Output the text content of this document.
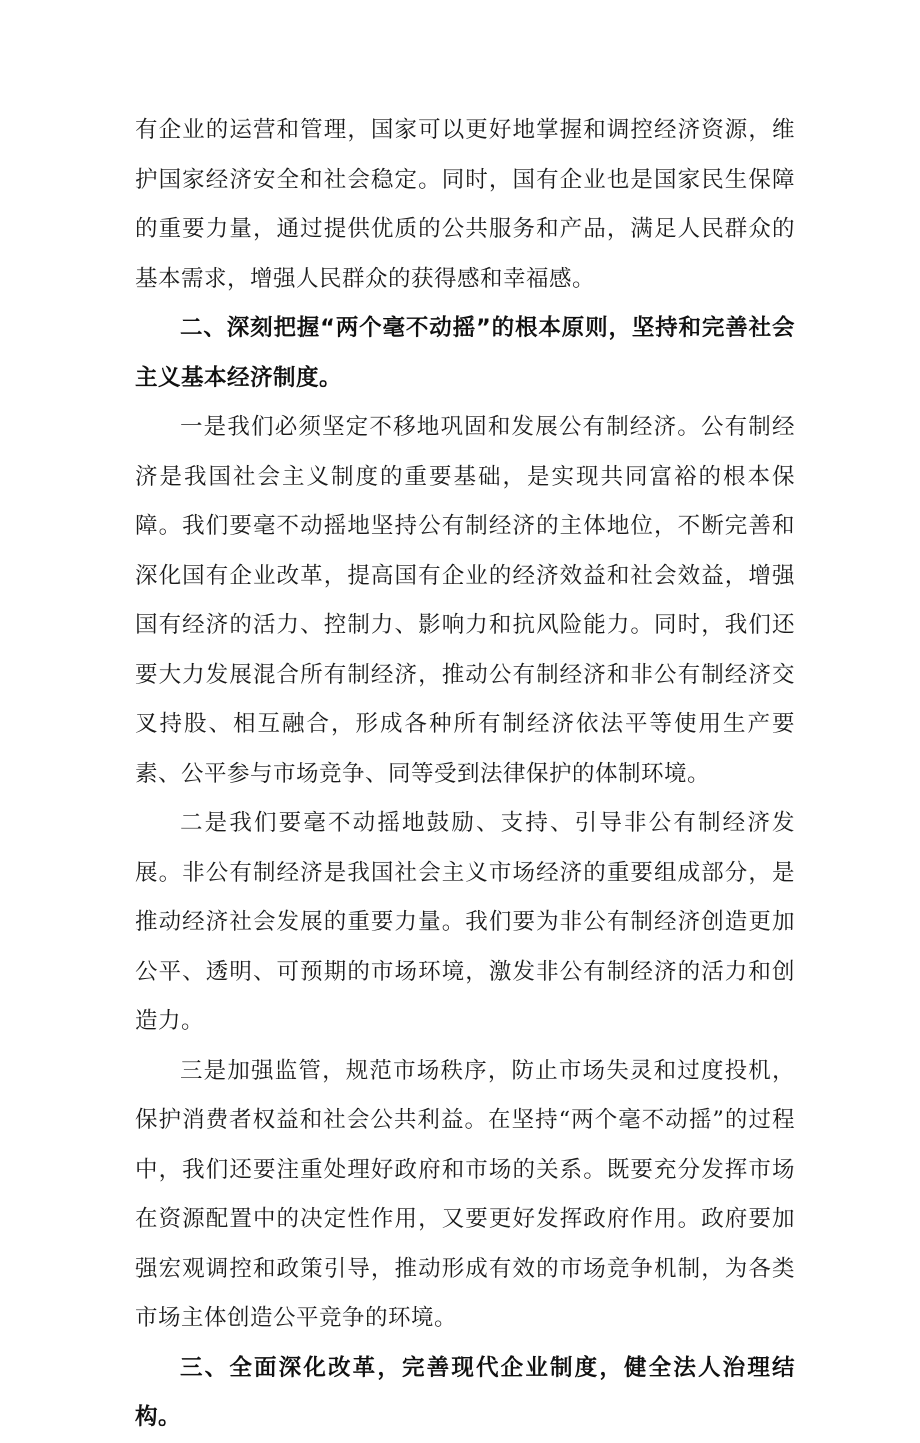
有企业的运营和管理，国家可以更好地掌握和调控经济资源，维护国家经济安全和社会稳定。同时，国有企业也是国家民生保障的重要力量，通过提供优质的公共服务和产品，满足人民群众的基本需求，增强人民群众的获得感和幸福感。

二、深刻把握“两个毫不动摇”的根本原则，坚持和完善社会主义基本经济制度。

一是我们必须坚定不移地巩固和发展公有制经济。公有制经济是我国社会主义制度的重要基础，是实现共同富裕的根本保障。我们要毫不动摇地坚持公有制经济的主体地位，不断完善和深化国有企业改革，提高国有企业的经济效益和社会效益，增强国有经济的活力、控制力、影响力和抗风险能力。同时，我们还要大力发展混合所有制经济，推动公有制经济和非公有制经济交叉持股、相互融合，形成各种所有制经济依法平等使用生产要素、公平参与市场竞争、同等受到法律保护的体制环境。

二是我们要毫不动摇地鼓励、支持、引导非公有制经济发展。非公有制经济是我国社会主义市场经济的重要组成部分，是推动经济社会发展的重要力量。我们要为非公有制经济创造更加公平、透明、可预期的市场环境，激发非公有制经济的活力和创造力。

三是加强监管，规范市场秩序，防止市场失灵和过度投机，保护消费者权益和社会公共利益。在坚持“两个毫不动摇”的过程中，我们还要注重处理好政府和市场的关系。既要充分发挥市场在资源配置中的决定性作用，又要更好发挥政府作用。政府要加强宏观调控和政策引导，推动形成有效的市场竞争机制，为各类市场主体创造公平竞争的环境。

三、全面深化改革，完善现代企业制度，健全法人治理结构。
